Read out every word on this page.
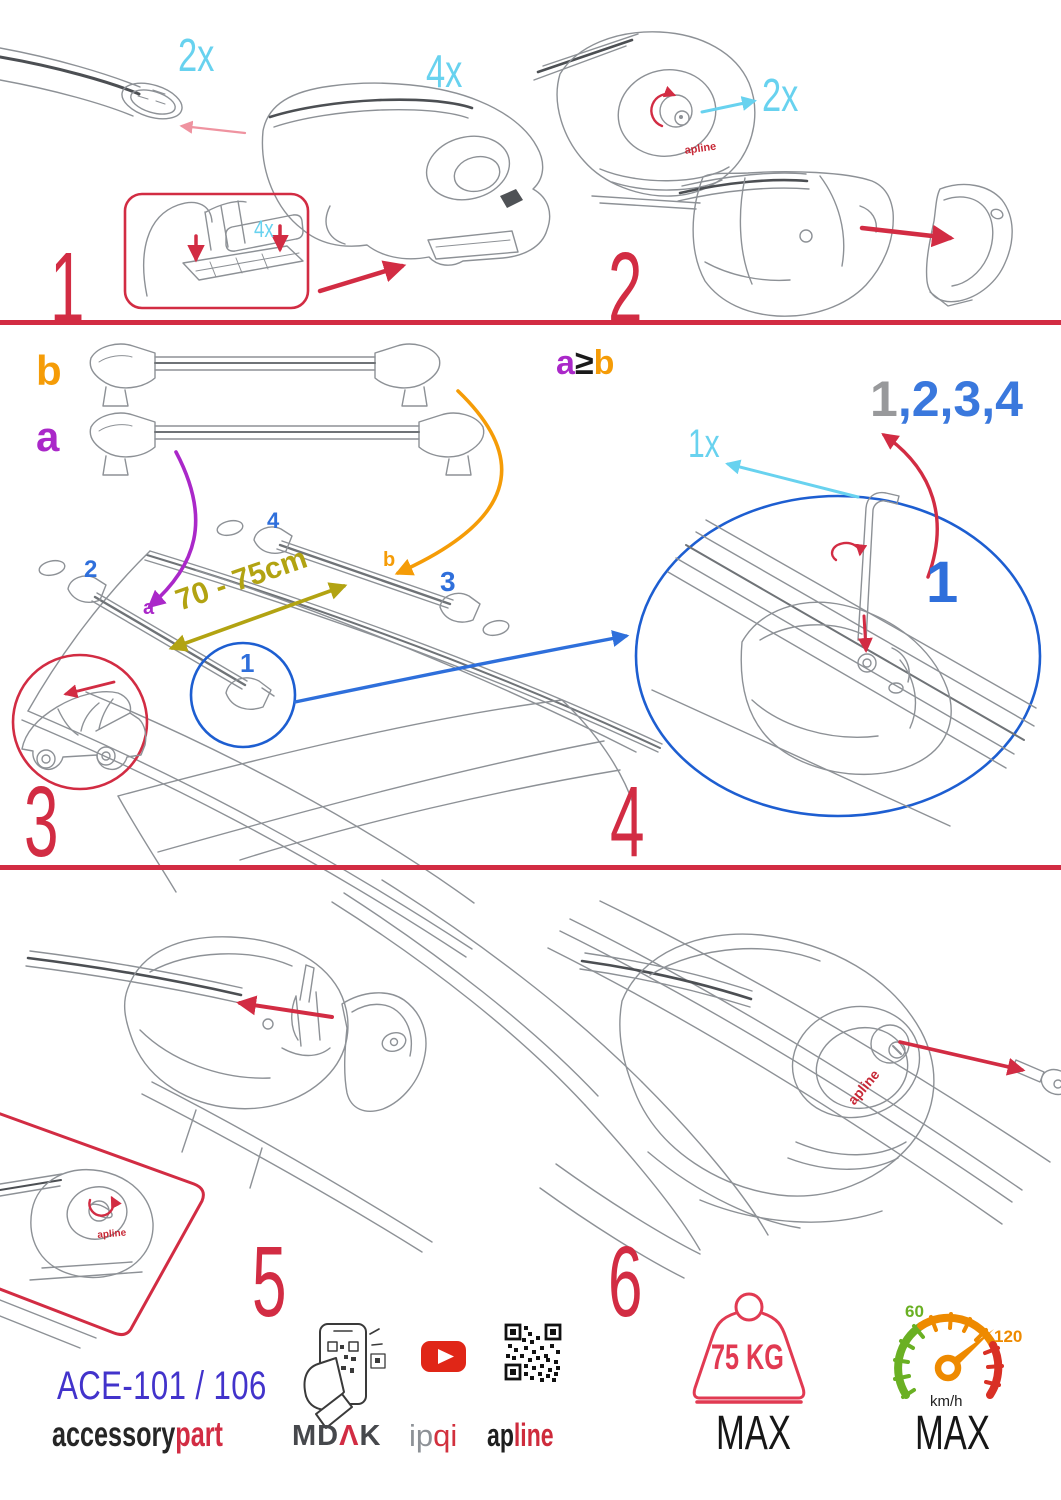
2x	4x
4x
1
2x
apline
2
b
a
2
4
3
b
a 70 - 75cm
1
3
a≥b
1,2,3,4
1x
1
4
apline 5
apline
6
ACE-101 / 106
accessorypart MDΛK ipqi apline
75 KG
MAX
60
120
km/h
MAX
